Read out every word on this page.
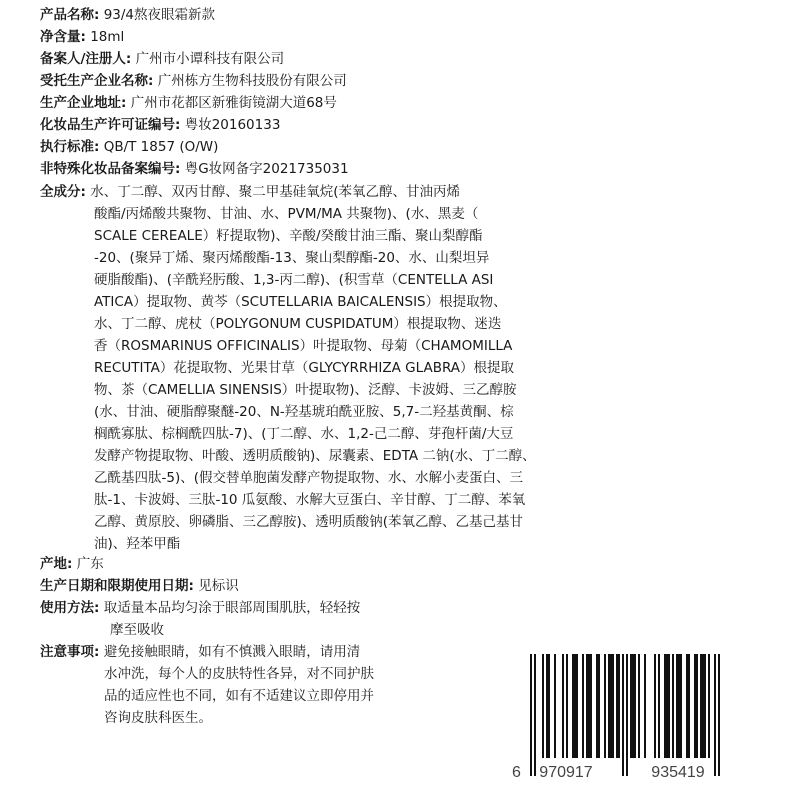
产品名称: 93/4熬夜眼霜新款
净含量: 18ml
备案人/注册人: 广州市小谭科技有限公司
受托生产企业名称: 广州栋方生物科技股份有限公司
生产企业地址: 广州市花都区新雅街镜湖大道68号
化妆品生产许可证编号: 粤妆20160133
执行标准: QB/T 1857 (O/W)
非特殊化妆品备案编号: 粤G妆网备字2021735031
全成分: 水、丁二醇、双丙甘醇、聚二甲基硅氧烷(苯氧乙醇、甘油丙烯
酸酯/丙烯酸共聚物、甘油、水、PVM/MA 共聚物)、(水、黑麦（
SCALE CEREALE）籽提取物)、辛酸/癸酸甘油三酯、聚山梨醇酯
-20、(聚异丁烯、聚丙烯酸酯-13、聚山梨醇酯-20、水、山梨坦异
硬脂酸酯)、(辛酰羟肟酸、1,3-丙二醇)、(积雪草（CENTELLA ASI
ATICA）提取物、黄芩（SCUTELLARIA BAICALENSIS）根提取物、
水、丁二醇、虎杖（POLYGONUM CUSPIDATUM）根提取物、迷迭
香（ROSMARINUS OFFICINALIS）叶提取物、母菊（CHAMOMILLA
RECUTITA）花提取物、光果甘草（GLYCYRRHIZA GLABRA）根提取
物、茶（CAMELLIA SINENSIS）叶提取物)、泛醇、卡波姆、三乙醇胺
(水、甘油、硬脂醇聚醚-20、N-羟基琥珀酰亚胺、5,7-二羟基黄酮、棕
榈酰寡肽、棕榈酰四肽-7)、(丁二醇、水、1,2-己二醇、芽孢杆菌/大豆
发酵产物提取物、叶酸、透明质酸钠)、尿囊素、EDTA 二钠(水、丁二醇、
乙酰基四肽-5)、(假交替单胞菌发酵产物提取物、水、水解小麦蛋白、三
肽-1、卡波姆、三肽-10 瓜氨酸、水解大豆蛋白、辛甘醇、丁二醇、苯氧
乙醇、黄原胶、卵磷脂、三乙醇胺)、透明质酸钠(苯氧乙醇、乙基己基甘
油)、羟苯甲酯
产地: 广东
生产日期和限期使用日期: 见标识
使用方法: 取适量本品均匀涂于眼部周围肌肤，轻轻按
摩至吸收
注意事项: 避免接触眼睛，如有不慎溅入眼睛，请用清
水冲洗，每个人的皮肤特性各异，对不同护肤
品的适应性也不同，如有不适建议立即停用并
咨询皮肤科医生。
6 970917	935419
